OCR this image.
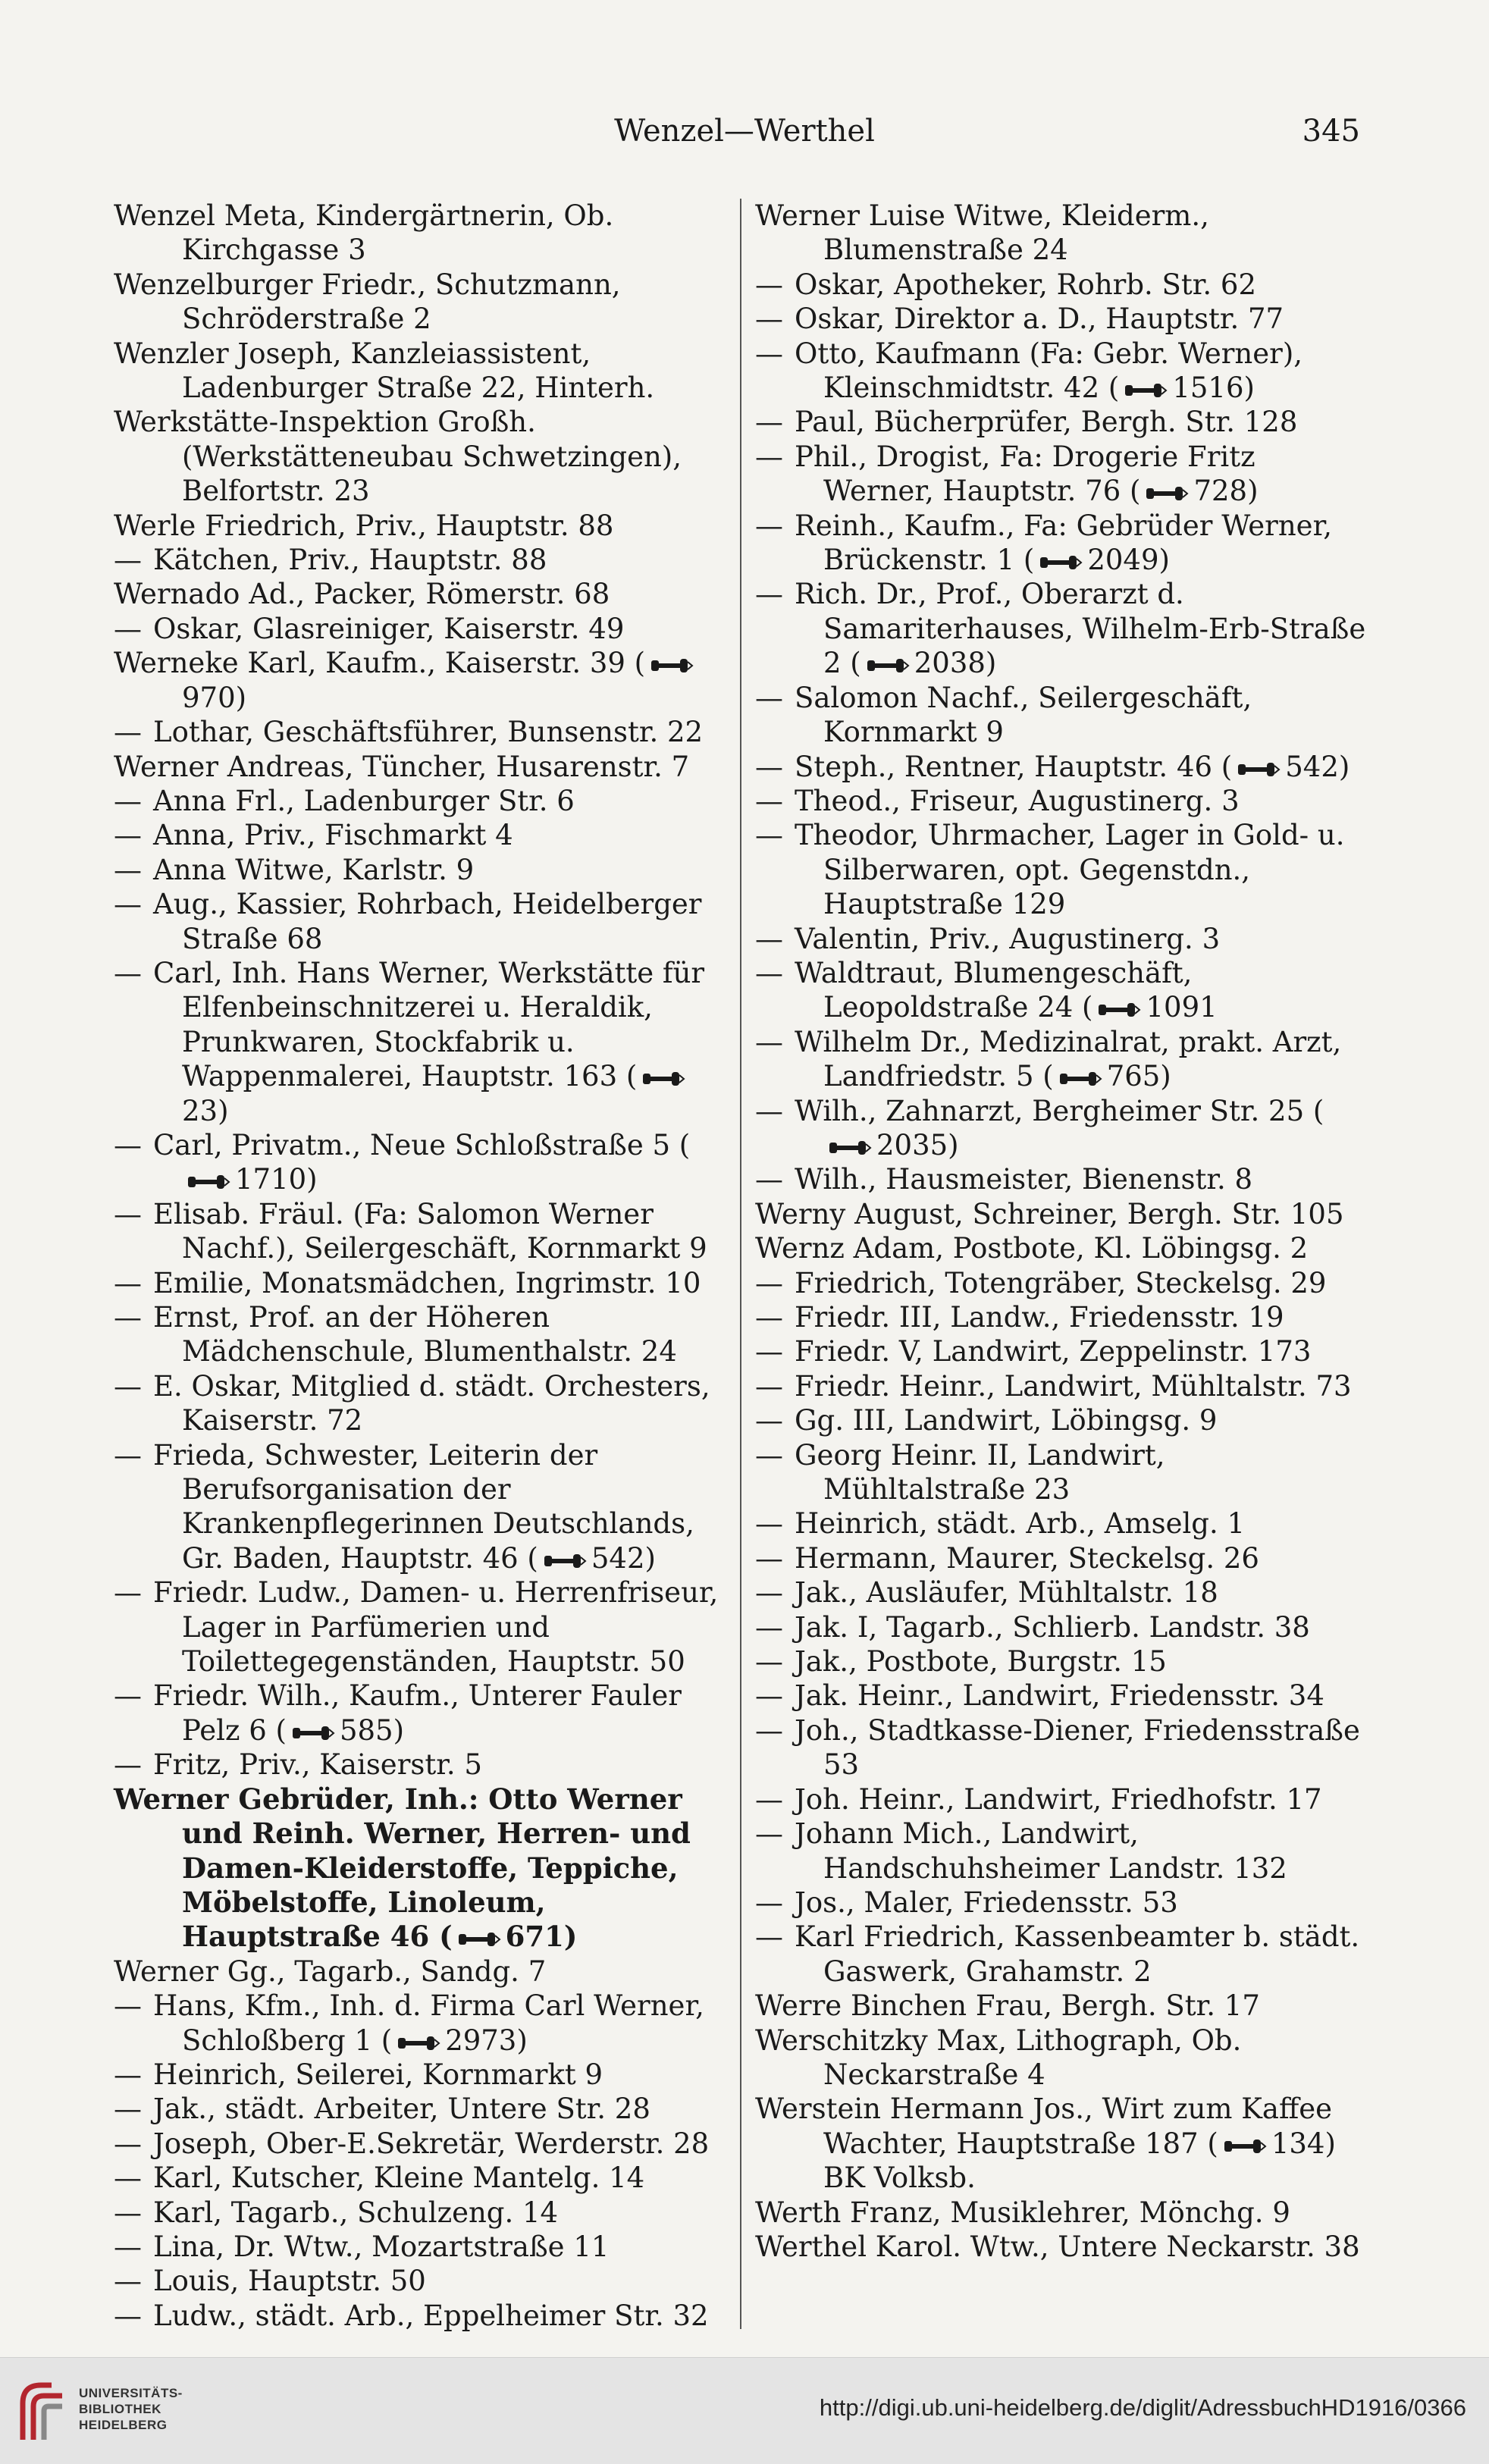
Wenzel—Werthel	345
Wenzel Meta, Kindergärtnerin, Ob. Kirchgasse 3
Wenzelburger Friedr., Schutzmann, Schröderstraße 2
Wenzler Joseph, Kanzleiassistent, Ladenburger Straße 22, Hinterh.
Werkstätte-Inspektion Großh. (Werkstätteneubau Schwetzingen), Belfortstr. 23
Werle Friedrich, Priv., Hauptstr. 88
— Kätchen, Priv., Hauptstr. 88
Wernado Ad., Packer, Römerstr. 68
— Oskar, Glasreiniger, Kaiserstr. 49
Werneke Karl, Kaufm., Kaiserstr. 39 (970)
— Lothar, Geschäftsführer, Bunsenstr. 22
Werner Andreas, Tüncher, Husarenstr. 7
— Anna Frl., Ladenburger Str. 6
— Anna, Priv., Fischmarkt 4
— Anna Witwe, Karlstr. 9
— Aug., Kassier, Rohrbach, Heidelberger Straße 68
— Carl, Inh. Hans Werner, Werkstätte für Elfenbeinschnitzerei u. Heraldik, Prunkwaren, Stockfabrik u. Wappenmalerei, Hauptstr. 163 (23)
— Carl, Privatm., Neue Schloßstraße 5 (1710)
— Elisab. Fräul. (Fa: Salomon Werner Nachf.), Seilergeschäft, Kornmarkt 9
— Emilie, Monatsmädchen, Ingrimstr. 10
— Ernst, Prof. an der Höheren Mädchenschule, Blumenthalstr. 24
— E. Oskar, Mitglied d. städt. Orchesters, Kaiserstr. 72
— Frieda, Schwester, Leiterin der Berufsorganisation der Krankenpflegerinnen Deutschlands, Gr. Baden, Hauptstr. 46 ( 542)
— Friedr. Ludw., Damen- u. Herrenfriseur, Lager in Parfümerien und Toilettegegenständen, Hauptstr. 50
— Friedr. Wilh., Kaufm., Unterer Fauler Pelz 6 ( 585)
— Fritz, Priv., Kaiserstr. 5
Werner Gebrüder, Inh.: Otto Werner und Reinh. Werner, Herren- und Damen-Kleiderstoffe, Teppiche, Möbelstoffe, Linoleum, Hauptstraße 46 ( 671)
Werner Gg., Tagarb., Sandg. 7
— Hans, Kfm., Inh. d. Firma Carl Werner, Schloßberg 1 ( 2973)
— Heinrich, Seilerei, Kornmarkt 9
— Jak., städt. Arbeiter, Untere Str. 28
— Joseph, Ober-E.Sekretär, Werderstr. 28
— Karl, Kutscher, Kleine Mantelg. 14
— Karl, Tagarb., Schulzeng. 14
— Lina, Dr. Wtw., Mozartstraße 11
— Louis, Hauptstr. 50
— Ludw., städt. Arb., Eppelheimer Str. 32
Werner Luise Witwe, Kleiderm., Blumenstraße 24
— Oskar, Apotheker, Rohrb. Str. 62
— Oskar, Direktor a. D., Hauptstr. 77
— Otto, Kaufmann (Fa: Gebr. Werner), Kleinschmidtstr. 42 ( 1516)
— Paul, Bücherprüfer, Bergh. Str. 128
— Phil., Drogist, Fa: Drogerie Fritz Werner, Hauptstr. 76 ( 728)
— Reinh., Kaufm., Fa: Gebrüder Werner, Brückenstr. 1 ( 2049)
— Rich. Dr., Prof., Oberarzt d. Samariterhauses, Wilhelm-Erb-Straße 2 ( 2038)
— Salomon Nachf., Seilergeschäft, Kornmarkt 9
— Steph., Rentner, Hauptstr. 46 ( 542)
— Theod., Friseur, Augustinerg. 3
— Theodor, Uhrmacher, Lager in Gold- u. Silberwaren, opt. Gegenstdn., Hauptstraße 129
— Valentin, Priv., Augustinerg. 3
— Waldtraut, Blumengeschäft, Leopoldstraße 24 ( 1091
— Wilhelm Dr., Medizinalrat, prakt. Arzt, Landfriedstr. 5 ( 765)
— Wilh., Zahnarzt, Bergheimer Str. 25 (2035)
— Wilh., Hausmeister, Bienenstr. 8
Werny August, Schreiner, Bergh. Str. 105
Wernz Adam, Postbote, Kl. Löbingsg. 2
— Friedrich, Totengräber, Steckelsg. 29
— Friedr. III, Landw., Friedensstr. 19
— Friedr. V, Landwirt, Zeppelinstr. 173
— Friedr. Heinr., Landwirt, Mühltalstr. 73
— Gg. III, Landwirt, Löbingsg. 9
— Georg Heinr. II, Landwirt, Mühltalstraße 23
— Heinrich, städt. Arb., Amselg. 1
— Hermann, Maurer, Steckelsg. 26
— Jak., Ausläufer, Mühltalstr. 18
— Jak. I, Tagarb., Schlierb. Landstr. 38
— Jak., Postbote, Burgstr. 15
— Jak. Heinr., Landwirt, Friedensstr. 34
— Joh., Stadtkasse-Diener, Friedensstraße 53
— Joh. Heinr., Landwirt, Friedhofstr. 17
— Johann Mich., Landwirt, Handschuhsheimer Landstr. 132
— Jos., Maler, Friedensstr. 53
— Karl Friedrich, Kassenbeamter b. städt. Gaswerk, Grahamstr. 2
Werre Binchen Frau, Bergh. Str. 17
Werschitzky Max, Lithograph, Ob. Neckarstraße 4
Werstein Hermann Jos., Wirt zum Kaffee Wachter, Hauptstraße 187 ( 134) BK Volksb.
Werth Franz, Musiklehrer, Mönchg. 9
Werthel Karol. Wtw., Untere Neckarstr. 38
UNIVERSITÄTS-
BIBLIOTHEK
HEIDELBERG
http://digi.ub.uni-heidelberg.de/diglit/AdressbuchHD1916/0366
